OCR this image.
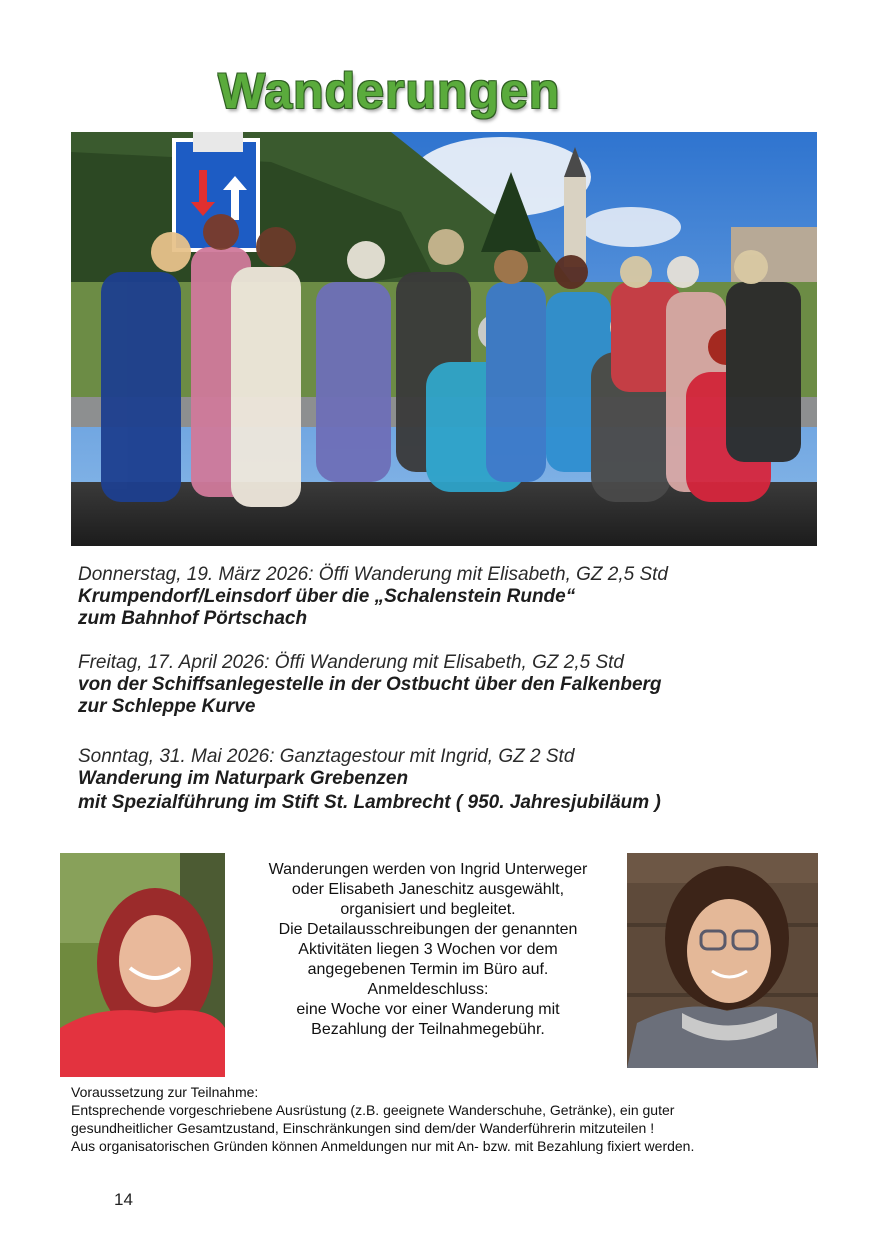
Wanderungen
Donnerstag, 19. März 2026: Öffi Wanderung mit Elisabeth, GZ 2,5 Std
Krumpendorf/Leinsdorf über die „Schalenstein Runde“
zum Bahnhof Pörtschach
Freitag, 17. April 2026: Öffi Wanderung mit Elisabeth, GZ 2,5 Std
von der Schiffsanlegestelle in der Ostbucht über den Falkenberg
zur Schleppe Kurve
Sonntag, 31. Mai 2026: Ganztagestour mit Ingrid, GZ 2 Std
Wanderung im Naturpark Grebenzen
mit Spezialführung im Stift St. Lambrecht ( 950. Jahresjubiläum )
Wanderungen werden von Ingrid Unterweger
oder Elisabeth Janeschitz ausgewählt,
organisiert und begleitet.
Die Detailausschreibungen der genannten
Aktivitäten liegen 3 Wochen vor dem
angegebenen Termin im Büro auf.
Anmeldeschluss:
eine Woche vor einer Wanderung mit
Bezahlung der Teilnahmegebühr.
Voraussetzung zur Teilnahme:
Entsprechende vorgeschriebene Ausrüstung (z.B. geeignete Wanderschuhe, Getränke), ein guter
gesundheitlicher Gesamtzustand, Einschränkungen sind dem/der Wanderführerin mitzuteilen !
Aus organisatorischen Gründen können Anmeldungen nur mit An- bzw. mit Bezahlung fixiert werden.
14
